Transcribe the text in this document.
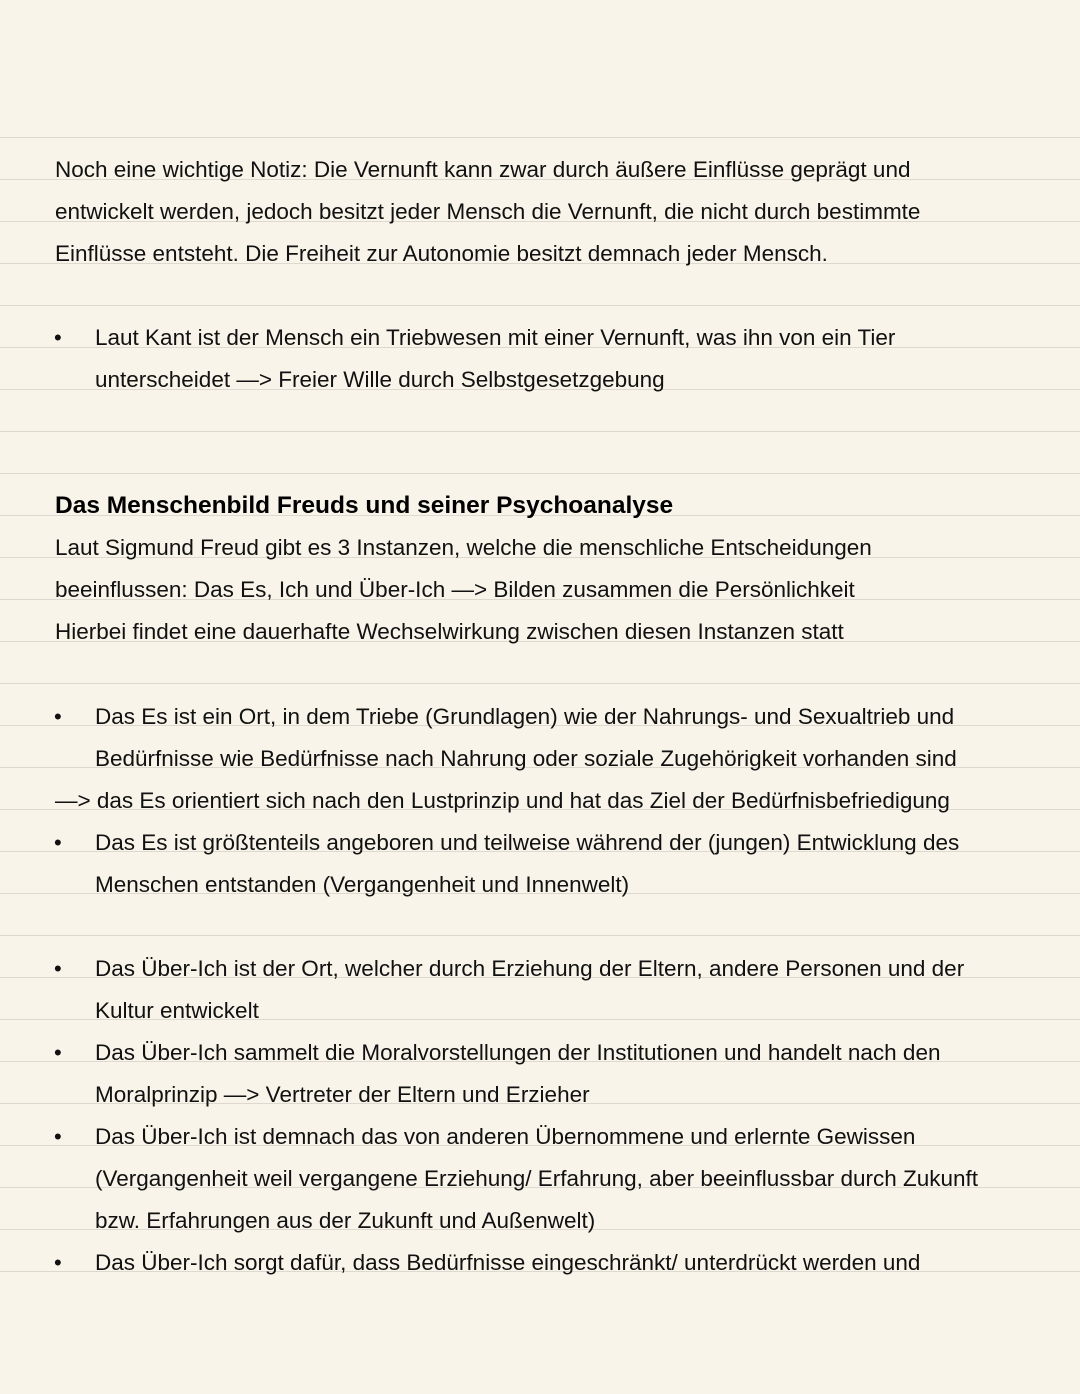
Noch eine wichtige Notiz: Die Vernunft kann zwar durch äußere Einflüsse geprägt und
entwickelt werden, jedoch besitzt jeder Mensch die Vernunft, die nicht durch bestimmte
Einflüsse entsteht. Die Freiheit zur Autonomie besitzt demnach jeder Mensch.
• Laut Kant ist der Mensch ein Triebwesen mit einer Vernunft, was ihn von ein Tier
unterscheidet —> Freier Wille durch Selbstgesetzgebung
Das Menschenbild Freuds und seiner Psychoanalyse
Laut Sigmund Freud gibt es 3 Instanzen, welche die menschliche Entscheidungen
beeinflussen: Das Es, Ich und Über-Ich —> Bilden zusammen die Persönlichkeit
Hierbei findet eine dauerhafte Wechselwirkung zwischen diesen Instanzen statt
• Das Es ist ein Ort, in dem Triebe (Grundlagen) wie der Nahrungs- und Sexualtrieb und
Bedürfnisse wie Bedürfnisse nach Nahrung oder soziale Zugehörigkeit vorhanden sind
—> das Es orientiert sich nach den Lustprinzip und hat das Ziel der Bedürfnisbefriedigung
• Das Es ist größtenteils angeboren und teilweise während der (jungen) Entwicklung des
Menschen entstanden (Vergangenheit und Innenwelt)
• Das Über-Ich ist der Ort, welcher durch Erziehung der Eltern, andere Personen und der
Kultur entwickelt
• Das Über-Ich sammelt die Moralvorstellungen der Institutionen und handelt nach den
Moralprinzip —> Vertreter der Eltern und Erzieher
• Das Über-Ich ist demnach das von anderen Übernommene und erlernte Gewissen
(Vergangenheit weil vergangene Erziehung/ Erfahrung, aber beeinflussbar durch Zukunft
bzw. Erfahrungen aus der Zukunft und Außenwelt)
• Das Über-Ich sorgt dafür, dass Bedürfnisse eingeschränkt/ unterdrückt werden und
